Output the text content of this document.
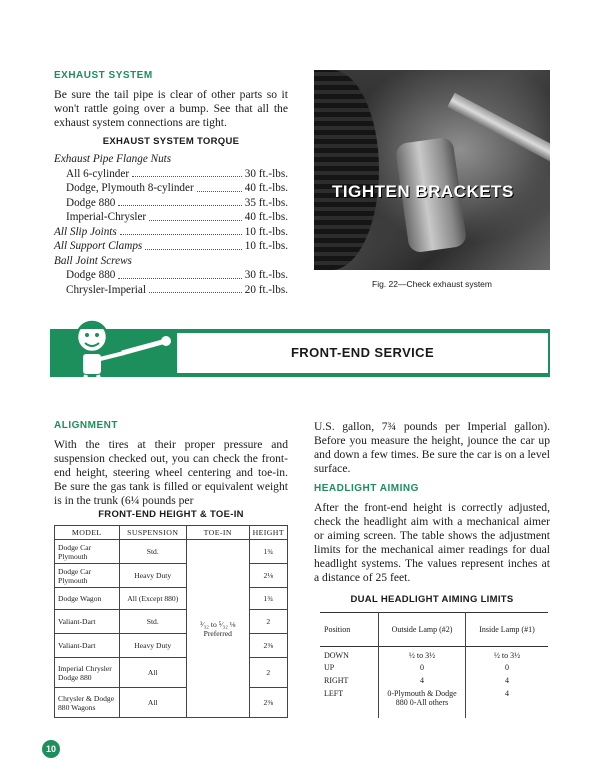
EXHAUST SYSTEM
Be sure the tail pipe is clear of other parts so it won't rattle going over a bump. See that all the exhaust system connections are tight.
EXHAUST SYSTEM TORQUE
Exhaust Pipe Flange Nuts
All 6-cylinder	30 ft.-lbs.
Dodge, Plymouth 8-cylinder	40 ft.-lbs.
Dodge 880	35 ft.-lbs.
Imperial-Chrysler	40 ft.-lbs.
All Slip Joints	10 ft.-lbs.
All Support Clamps	10 ft.-lbs.
Ball Joint Screws
Dodge 880	30 ft.-lbs.
Chrysler-Imperial	20 ft.-lbs.
TIGHTEN BRACKETS
Fig. 22—Check exhaust system
FRONT-END SERVICE
ALIGNMENT
With the tires at their proper pressure and suspension checked out, you can check the front-end height, steering wheel centering and toe-in. Be sure the gas tank is filled or equivalent weight is in the trunk (6¼ pounds per
FRONT-END HEIGHT & TOE-IN
MODEL	SUSPENSION	TOE-IN	HEIGHT
Dodge Car Plymouth	Std.	³⁄₃₂ to ⁵⁄₃₂ ⅛ Preferred	1¾
Dodge Car Plymouth	Heavy Duty		2⅛
Dodge Wagon	All (Except 880)		1¾
Valiant-Dart	Std.		2
Valiant-Dart	Heavy Duty		2⅜
Imperial Chrysler Dodge 880	All		2
Chrysler & Dodge 880 Wagons	All		2⅜
U.S. gallon, 7¾ pounds per Imperial gallon). Before you measure the height, jounce the car up and down a few times. Be sure the car is on a level surface.
HEADLIGHT AIMING
After the front-end height is correctly adjusted, check the headlight aim with a mechanical aimer or aiming screen. The table shows the adjustment limits for the mechanical aimer readings for dual headlight systems. The values represent inches at a distance of 25 feet.
DUAL HEADLIGHT AIMING LIMITS
Position	Outside Lamp (#2)	Inside Lamp (#1)
DOWN	½ to 3½	½ to 3½
UP	0	0
RIGHT	4	4
LEFT	0-Plymouth & Dodge 880 0-All others	4
10
